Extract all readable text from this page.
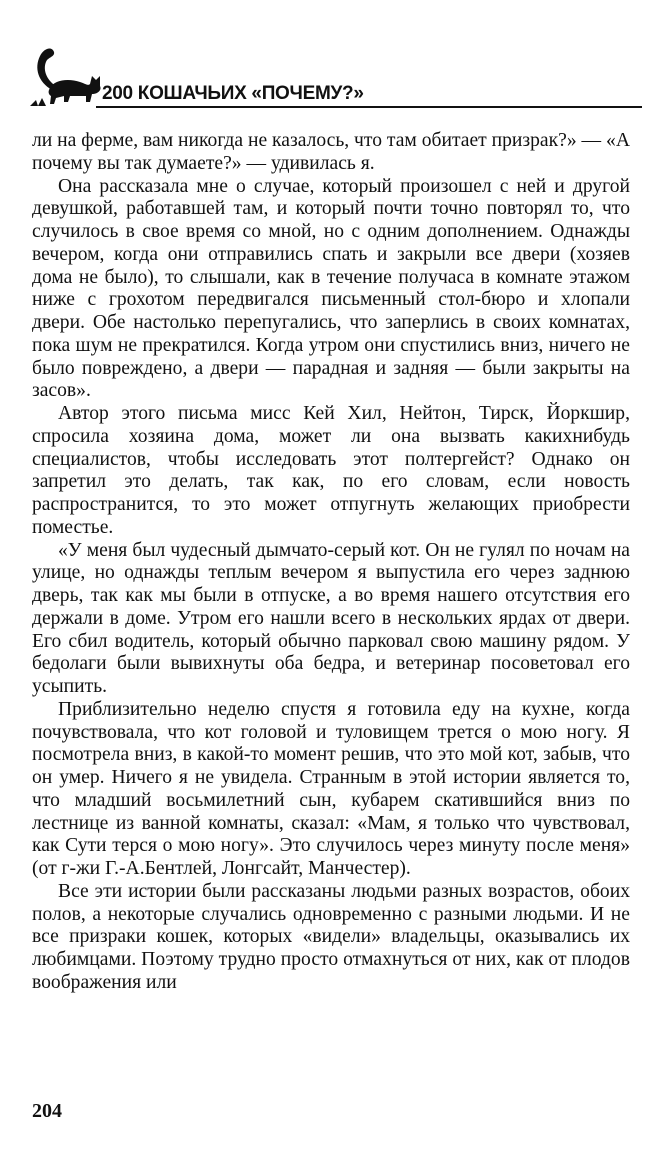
200 КОШАЧЬИХ «ПОЧЕМУ?»

ли на ферме, вам никогда не казалось, что там обитает призрак?» — «А почему вы так думаете?» — удивилась я.

Она рассказала мне о случае, который произошел с ней и другой девушкой, работавшей там, и который почти точно повторял то, что случилось в свое время со мной, но с одним дополнением. Однажды вечером, когда они отправились спать и закрыли все двери (хозяев дома не было), то слышали, как в течение получаса в комнате этажом ниже с грохотом передвигался письменный стол-бюро и хлопали двери. Обе настолько перепугались, что заперлись в своих комнатах, пока шум не прекратился. Когда утром они спустились вниз, ничего не было повреждено, а двери — парадная и задняя — были закрыты на засов».

Автор этого письма мисс Кей Хил, Нейтон, Тирск, Йоркшир, спросила хозяина дома, может ли она вызвать какихнибудь специалистов, чтобы исследовать этот полтергейст? Однако он запретил это делать, так как, по его словам, если новость распространится, то это может отпугнуть желающих приобрести поместье.

«У меня был чудесный дымчато-серый кот. Он не гулял по ночам на улице, но однажды теплым вечером я выпустила его через заднюю дверь, так как мы были в отпуске, а во время нашего отсутствия его держали в доме. Утром его нашли всего в нескольких ярдах от двери. Его сбил водитель, который обычно парковал свою машину рядом. У бедолаги были вывихнуты оба бедра, и ветеринар посоветовал его усыпить.

Приблизительно неделю спустя я готовила еду на кухне, когда почувствовала, что кот головой и туловищем трется о мою ногу. Я посмотрела вниз, в какой-то момент решив, что это мой кот, забыв, что он умер. Ничего я не увидела. Странным в этой истории является то, что младший восьмилетний сын, кубарем скатившийся вниз по лестнице из ванной комнаты, сказал: «Мам, я только что чувствовал, как Сути терся о мою ногу». Это случилось через минуту после меня» (от г-жи Г.-А.Бентлей, Лонгсайт, Манчестер).

Все эти истории были рассказаны людьми разных возрастов, обоих полов, а некоторые случались одновременно с разными людьми. И не все призраки кошек, которых «видели» владельцы, оказывались их любимцами. Поэтому трудно просто отмахнуться от них, как от плодов воображения или

204
